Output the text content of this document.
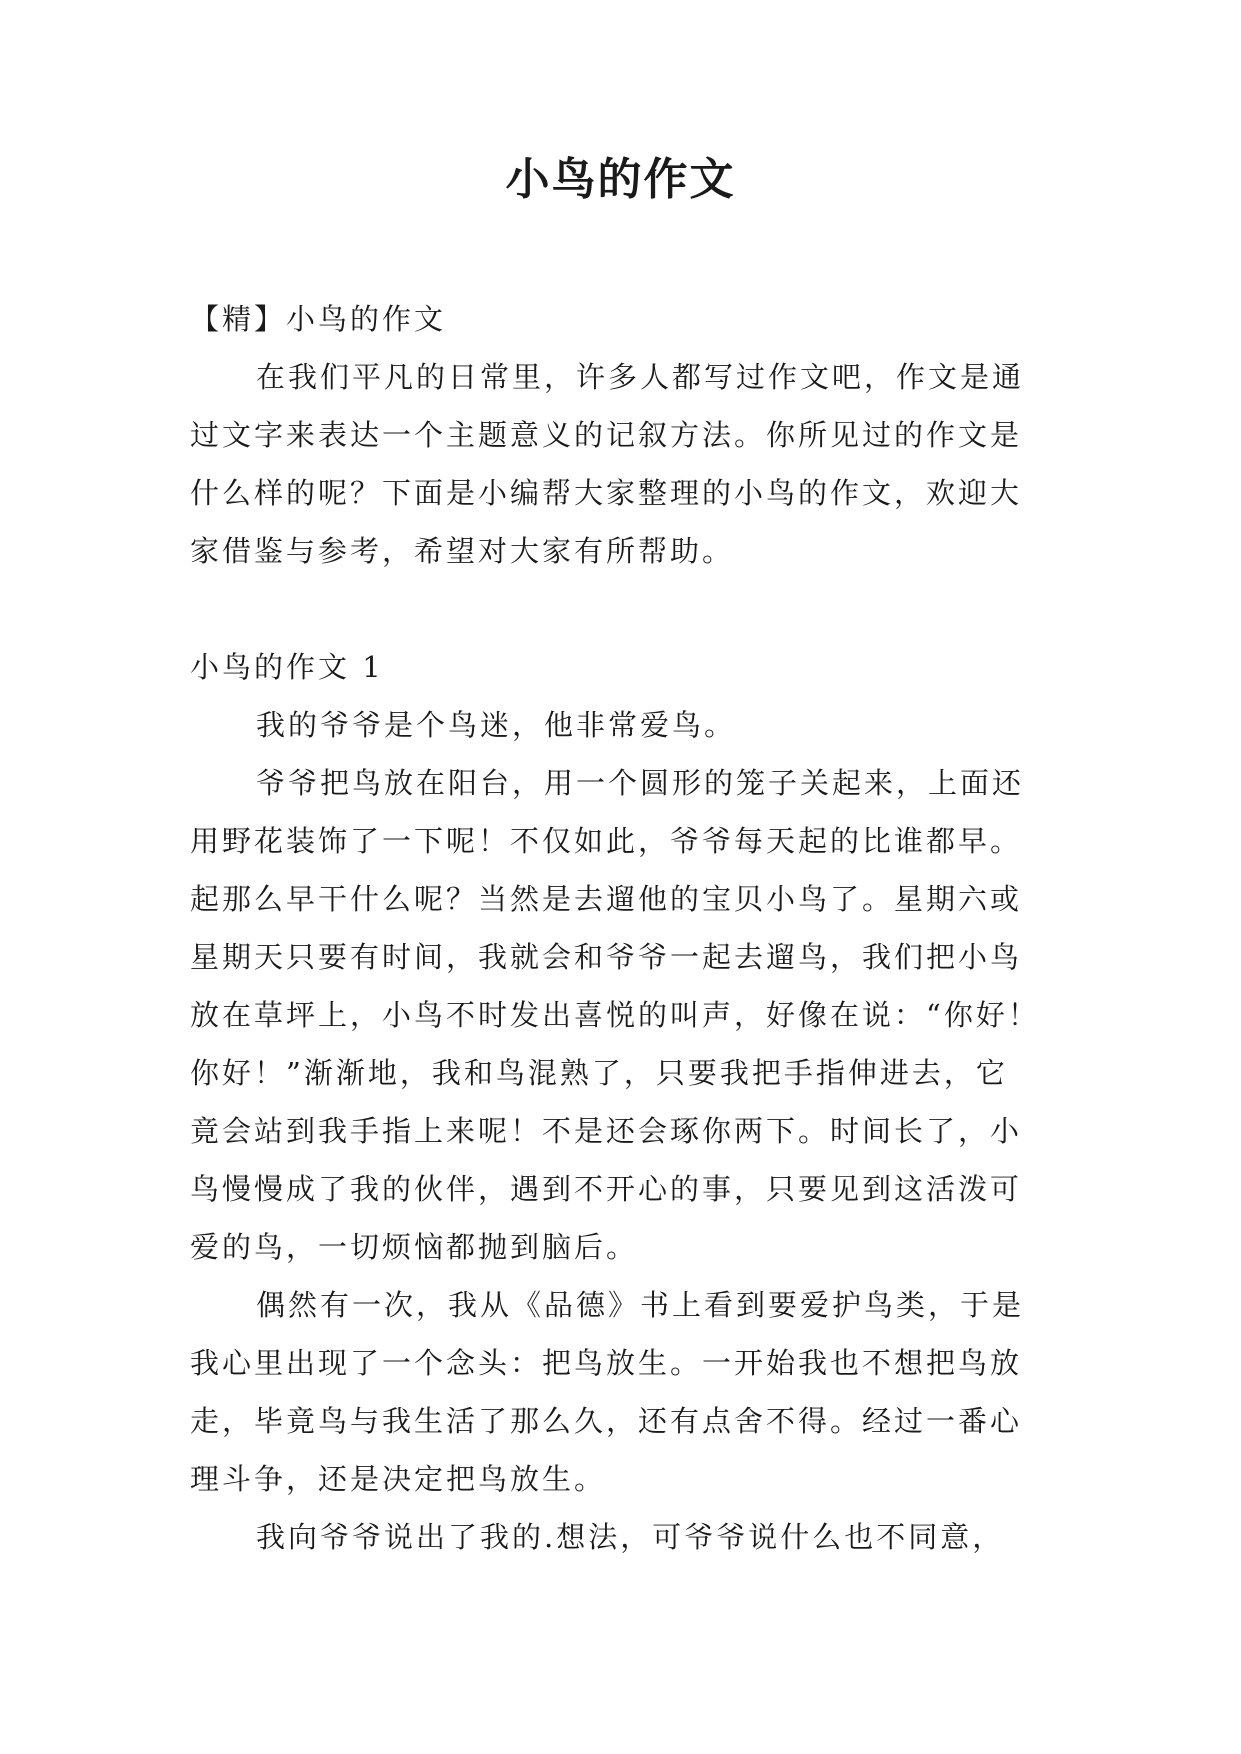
小鸟的作文

【精】小鸟的作文

在我们平凡的日常里，许多人都写过作文吧，作文是通

过文字来表达一个主题意义的记叙方法。你所见过的作文是

什么样的呢？下面是小编帮大家整理的小鸟的作文，欢迎大

家借鉴与参考，希望对大家有所帮助。

小鸟的作文 1

我的爷爷是个鸟迷，他非常爱鸟。

爷爷把鸟放在阳台，用一个圆形的笼子关起来，上面还

用野花装饰了一下呢！不仅如此，爷爷每天起的比谁都早。

起那么早干什么呢？当然是去遛他的宝贝小鸟了。星期六或

星期天只要有时间，我就会和爷爷一起去遛鸟，我们把小鸟

放在草坪上，小鸟不时发出喜悦的叫声，好像在说：“你好！

你好！”渐渐地，我和鸟混熟了，只要我把手指伸进去，它

竟会站到我手指上来呢！不是还会琢你两下。时间长了，小

鸟慢慢成了我的伙伴，遇到不开心的事，只要见到这活泼可

爱的鸟，一切烦恼都抛到脑后。

偶然有一次，我从《品德》书上看到要爱护鸟类，于是

我心里出现了一个念头：把鸟放生。一开始我也不想把鸟放

走，毕竟鸟与我生活了那么久，还有点舍不得。经过一番心

理斗争，还是决定把鸟放生。

我向爷爷说出了我的.想法，可爷爷说什么也不同意，
